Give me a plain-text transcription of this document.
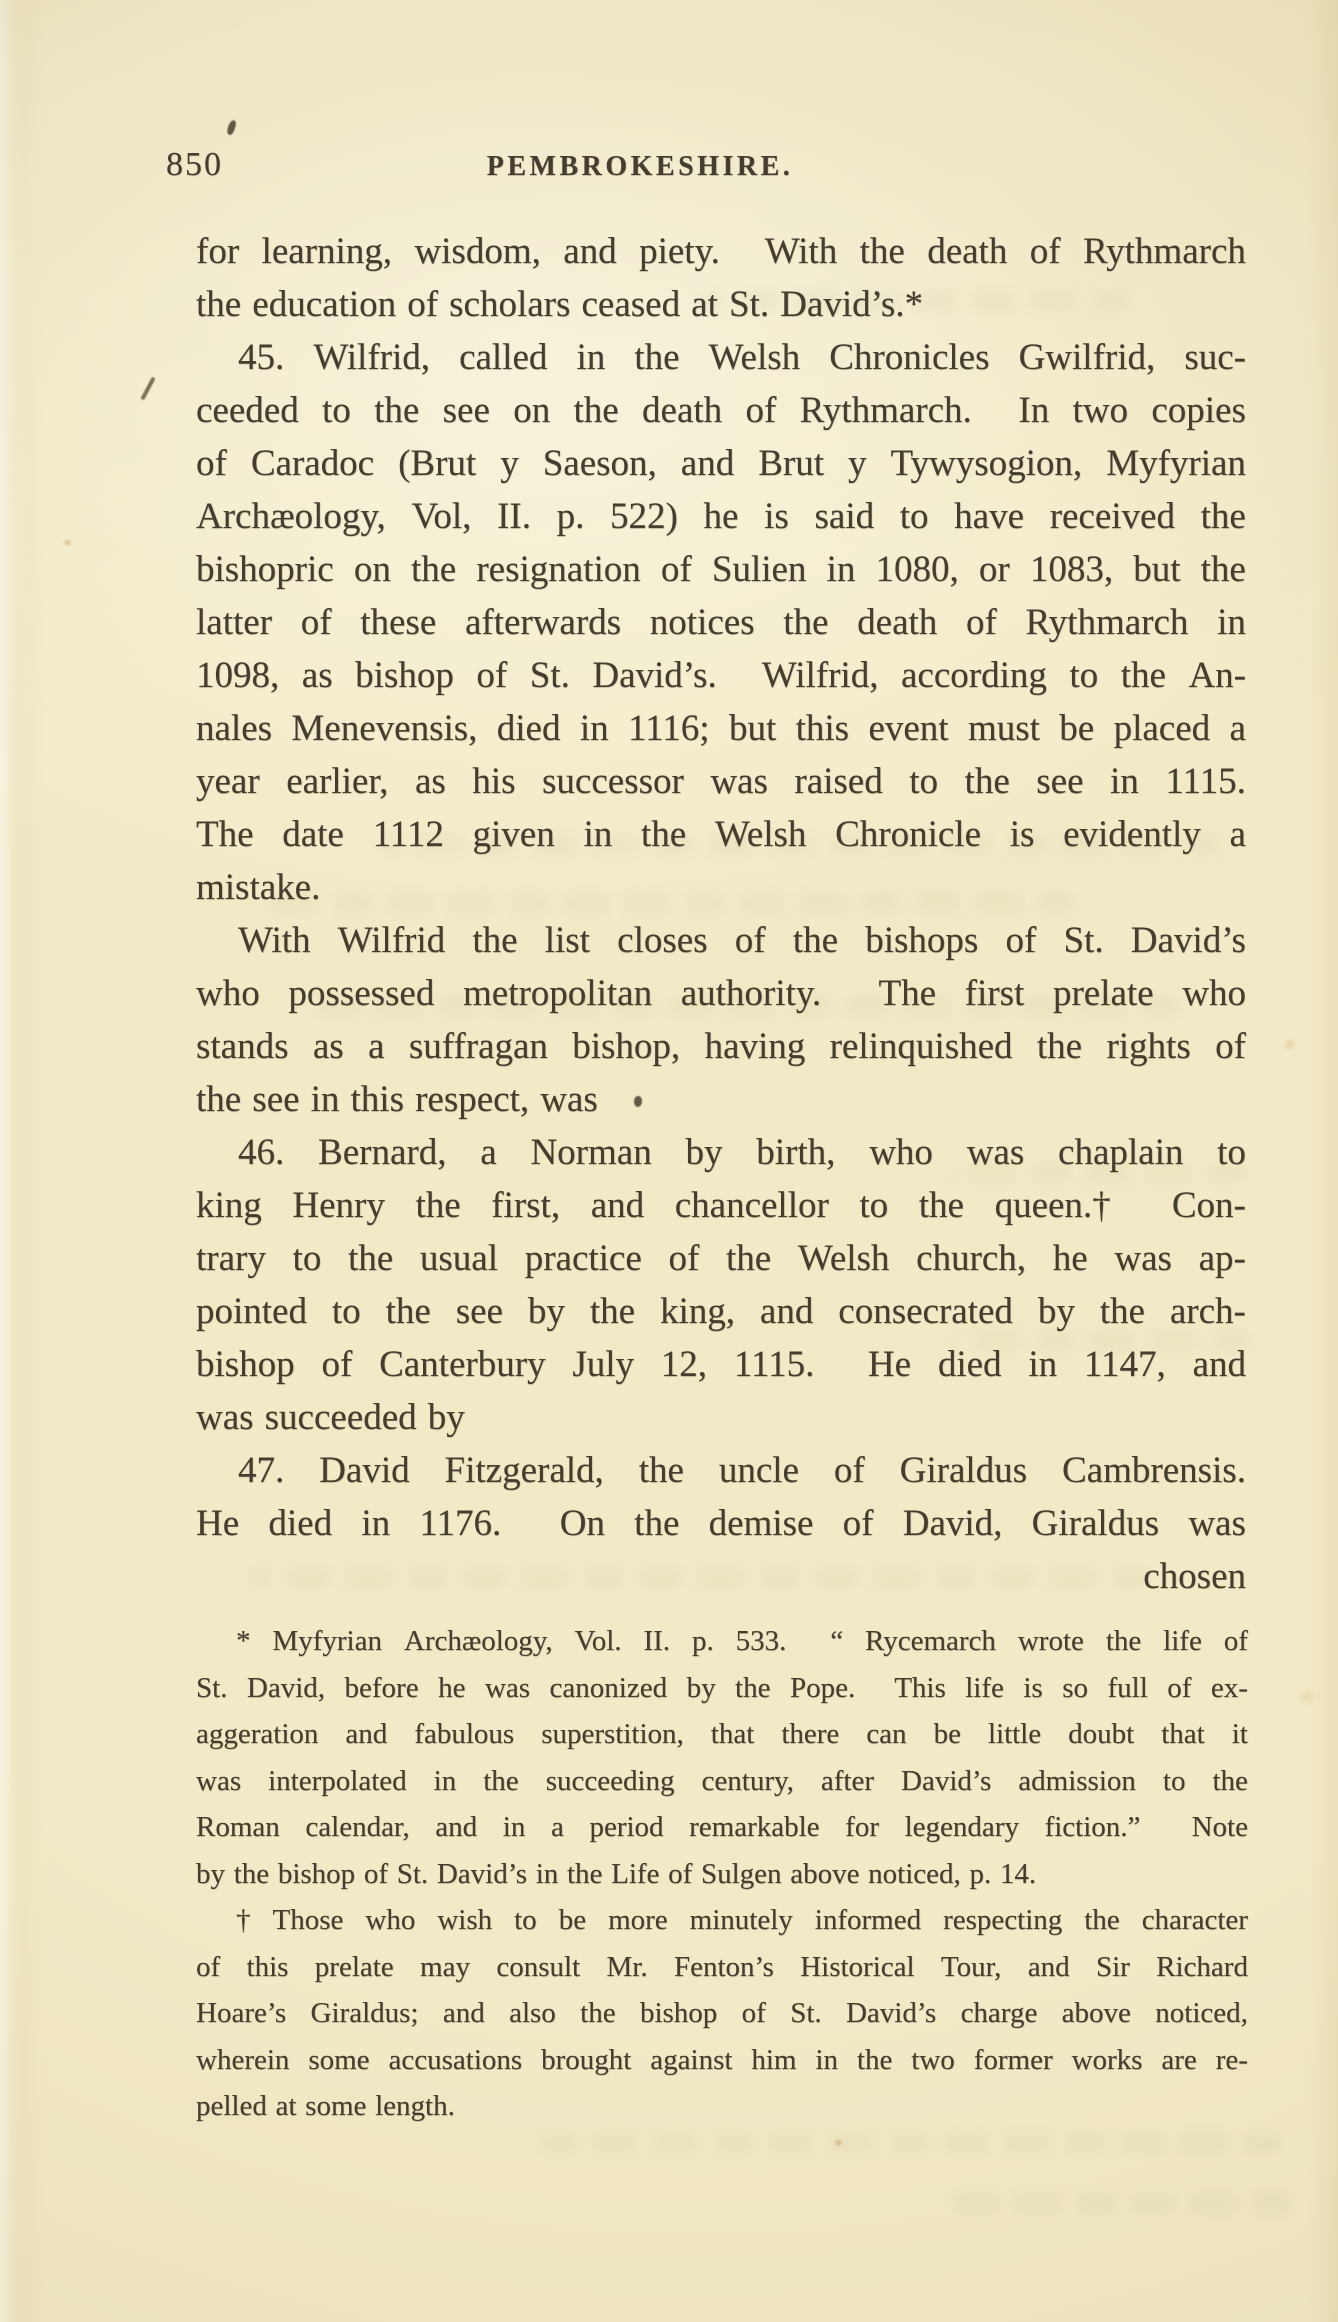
850	PEMBROKESHIRE.
for learning, wisdom, and piety. With the death of Rythmarch
the education of scholars ceased at St. David’s.*
45. Wilfrid, called in the Welsh Chronicles Gwilfrid, suc-
ceeded to the see on the death of Rythmarch. In two copies
of Caradoc (Brut y Saeson, and Brut y Tywysogion, Myfyrian
Archæology, Vol, II. p. 522) he is said to have received the
bishopric on the resignation of Sulien in 1080, or 1083, but the
latter of these afterwards notices the death of Rythmarch in
1098, as bishop of St. David’s. Wilfrid, according to the An-
nales Menevensis, died in 1116; but this event must be placed a
year earlier, as his successor was raised to the see in 1115.
The date 1112 given in the Welsh Chronicle is evidently a
mistake.
With Wilfrid the list closes of the bishops of St. David’s
who possessed metropolitan authority. The first prelate who
stands as a suffragan bishop, having relinquished the rights of
the see in this respect, was
46. Bernard, a Norman by birth, who was chaplain to
king Henry the first, and chancellor to the queen.† Con-
trary to the usual practice of the Welsh church, he was ap-
pointed to the see by the king, and consecrated by the arch-
bishop of Canterbury July 12, 1115. He died in 1147, and
was succeeded by
47. David Fitzgerald, the uncle of Giraldus Cambrensis.
He died in 1176. On the demise of David, Giraldus was
chosen
* Myfyrian Archæology, Vol. II. p. 533. “ Rycemarch wrote the life of
St. David, before he was canonized by the Pope. This life is so full of ex-
aggeration and fabulous superstition, that there can be little doubt that it
was interpolated in the succeeding century, after David’s admission to the
Roman calendar, and in a period remarkable for legendary fiction.” Note
by the bishop of St. David’s in the Life of Sulgen above noticed, p. 14.
† Those who wish to be more minutely informed respecting the character
of this prelate may consult Mr. Fenton’s Historical Tour, and Sir Richard
Hoare’s Giraldus; and also the bishop of St. David’s charge above noticed,
wherein some accusations brought against him in the two former works are re-
pelled at some length.
